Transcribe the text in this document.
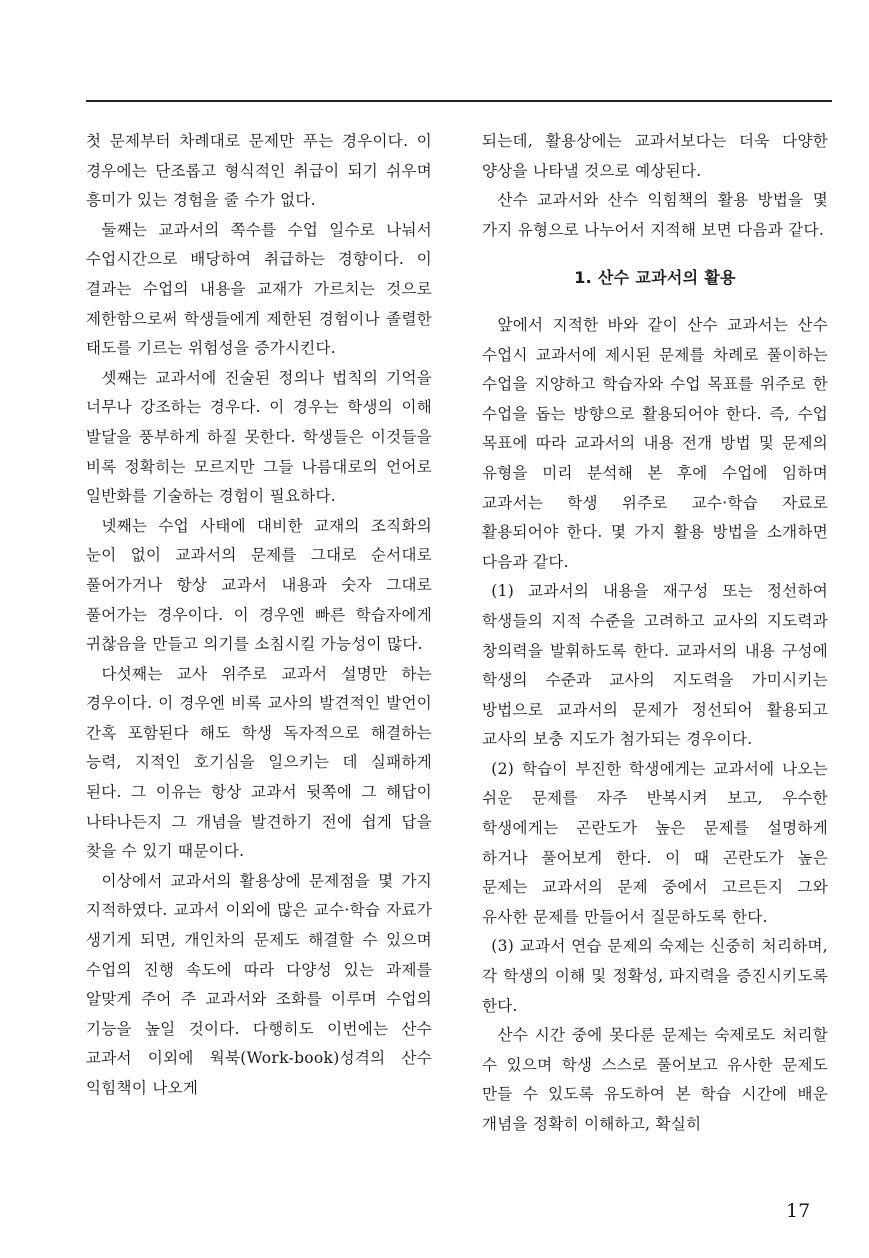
첫 문제부터 차례대로 문제만 푸는 경우이다. 이 경우에는 단조롭고 형식적인 취급이 되기 쉬우며 흥미가 있는 경험을 줄 수가 없다.

둘째는 교과서의 쪽수를 수업 일수로 나눠서 수업시간으로 배당하여 취급하는 경향이다. 이 결과는 수업의 내용을 교재가 가르치는 것으로 제한함으로써 학생들에게 제한된 경험이나 졸렬한 태도를 기르는 위험성을 증가시킨다.

셋째는 교과서에 진술된 정의나 법칙의 기억을 너무나 강조하는 경우다. 이 경우는 학생의 이해 발달을 풍부하게 하질 못한다. 학생들은 이것들을 비록 정확히는 모르지만 그들 나름대로의 언어로 일반화를 기술하는 경험이 필요하다.

넷째는 수업 사태에 대비한 교재의 조직화의 눈이 없이 교과서의 문제를 그대로 순서대로 풀어가거나 항상 교과서 내용과 숫자 그대로 풀어가는 경우이다. 이 경우엔 빠른 학습자에게 귀찮음을 만들고 의기를 소침시킬 가능성이 많다.

다섯째는 교사 위주로 교과서 설명만 하는 경우이다. 이 경우엔 비록 교사의 발견적인 발언이 간혹 포함된다 해도 학생 독자적으로 해결하는 능력, 지적인 호기심을 일으키는 데 실패하게 된다. 그 이유는 항상 교과서 뒷쪽에 그 해답이 나타나든지 그 개념을 발견하기 전에 쉽게 답을 찾을 수 있기 때문이다.

이상에서 교과서의 활용상에 문제점을 몇 가지 지적하였다. 교과서 이외에 많은 교수·학습 자료가 생기게 되면, 개인차의 문제도 해결할 수 있으며 수업의 진행 속도에 따라 다양성 있는 과제를 알맞게 주어 주 교과서와 조화를 이루며 수업의 기능을 높일 것이다. 다행히도 이번에는 산수 교과서 이외에 웍북(Work-book)성격의 산수 익힘책이 나오게

되는데, 활용상에는 교과서보다는 더욱 다양한 양상을 나타낼 것으로 예상된다.

산수 교과서와 산수 익힘책의 활용 방법을 몇 가지 유형으로 나누어서 지적해 보면 다음과 같다.

1. 산수 교과서의 활용

앞에서 지적한 바와 같이 산수 교과서는 산수 수업시 교과서에 제시된 문제를 차례로 풀이하는 수업을 지양하고 학습자와 수업 목표를 위주로 한 수업을 돕는 방향으로 활용되어야 한다. 즉, 수업 목표에 따라 교과서의 내용 전개 방법 및 문제의 유형을 미리 분석해 본 후에 수업에 임하며 교과서는 학생 위주로 교수·학습 자료로 활용되어야 한다. 몇 가지 활용 방법을 소개하면 다음과 같다.

(1) 교과서의 내용을 재구성 또는 정선하여 학생들의 지적 수준을 고려하고 교사의 지도력과 창의력을 발휘하도록 한다. 교과서의 내용 구성에 학생의 수준과 교사의 지도력을 가미시키는 방법으로 교과서의 문제가 정선되어 활용되고 교사의 보충 지도가 첨가되는 경우이다.

(2) 학습이 부진한 학생에게는 교과서에 나오는 쉬운 문제를 자주 반복시켜 보고, 우수한 학생에게는 곤란도가 높은 문제를 설명하게 하거나 풀어보게 한다. 이 때 곤란도가 높은 문제는 교과서의 문제 중에서 고르든지 그와 유사한 문제를 만들어서 질문하도록 한다.

(3) 교과서 연습 문제의 숙제는 신중히 처리하며, 각 학생의 이해 및 정확성, 파지력을 증진시키도록 한다.

산수 시간 중에 못다룬 문제는 숙제로도 처리할 수 있으며 학생 스스로 풀어보고 유사한 문제도 만들 수 있도록 유도하여 본 학습 시간에 배운 개념을 정확히 이해하고, 확실히

17
